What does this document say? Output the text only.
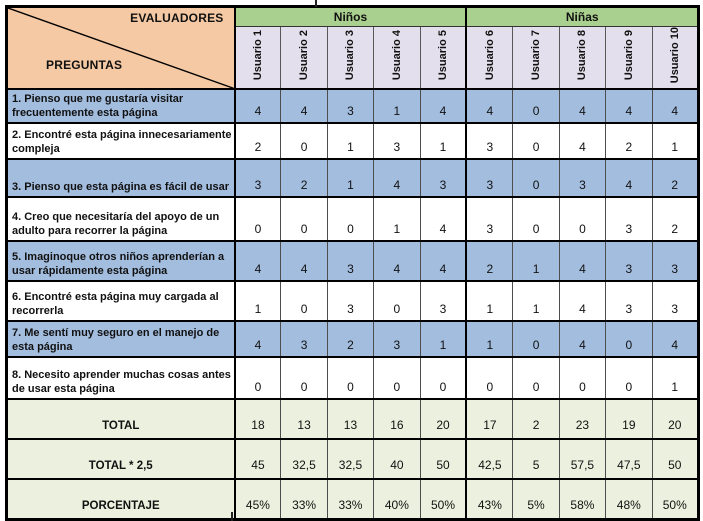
EVALUADORES
PREGUNTAS	Niños					Niñas				
	Usuario 1	Usuario 2	Usuario 3	Usuario 4	Usuario 5	Usuario 6	Usuario 7	Usuario 8	Usuario 9	Usuario 10
1. Pienso que me gustaría visitar frecuentemente esta página	4	4	3	1	4	4	0	4	4	4
2. Encontré esta página innecesariamente compleja	2	0	1	3	1	3	0	4	2	1
3. Pienso que esta página es fácil de usar	3	2	1	4	3	3	0	3	4	2
4. Creo que necesitaría del apoyo de un adulto para recorrer la página	0	0	0	1	4	3	0	0	3	2
5. Imaginoque otros niños aprenderían a usar rápidamente esta página	4	4	3	4	4	2	1	4	3	3
6. Encontré esta página muy cargada al recorrerla	1	0	3	0	3	1	1	4	3	3
7. Me sentí muy seguro en el manejo de esta página	4	3	2	3	1	1	0	4	0	4
8. Necesito aprender muchas cosas antes de usar esta página	0	0	0	0	0	0	0	0	0	1
TOTAL	18	13	13	16	20	17	2	23	19	20
TOTAL * 2,5	45	32,5	32,5	40	50	42,5	5	57,5	47,5	50
PORCENTAJE	45%	33%	33%	40%	50%	43%	5%	58%	48%	50%
